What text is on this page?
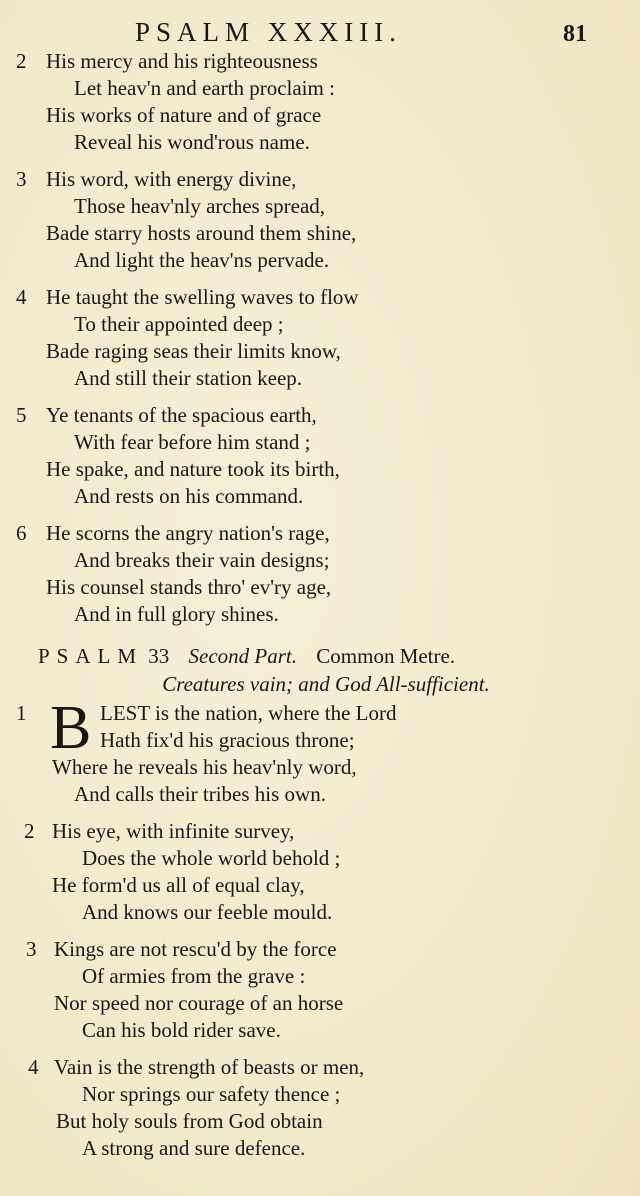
PSALM XXXIII.	81
2 His mercy and his righteousness
Let heav'n and earth proclaim :
His works of nature and of grace
Reveal his wond'rous name.
3 His word, with energy divine,
Those heav'nly arches spread,
Bade starry hosts around them shine,
And light the heav'ns pervade.
4 He taught the swelling waves to flow
To their appointed deep ;
Bade raging seas their limits know,
And still their station keep.
5 Ye tenants of the spacious earth,
With fear before him stand ;
He spake, and nature took its birth,
And rests on his command.
6 He scorns the angry nation's rage,
And breaks their vain designs;
His counsel stands thro' ev'ry age,
And in full glory shines.
PSALM 33 Second Part. Common Metre.
Creatures vain; and God All-sufficient.
1 B LEST is the nation, where the Lord
Hath fix'd his gracious throne;
Where he reveals his heav'nly word,
And calls their tribes his own.
2 His eye, with infinite survey,
Does the whole world behold ;
He form'd us all of equal clay,
And knows our feeble mould.
3 Kings are not rescu'd by the force
Of armies from the grave :
Nor speed nor courage of an horse
Can his bold rider save.
4 Vain is the strength of beasts or men,
Nor springs our safety thence ;
But holy souls from God obtain
A strong and sure defence.
